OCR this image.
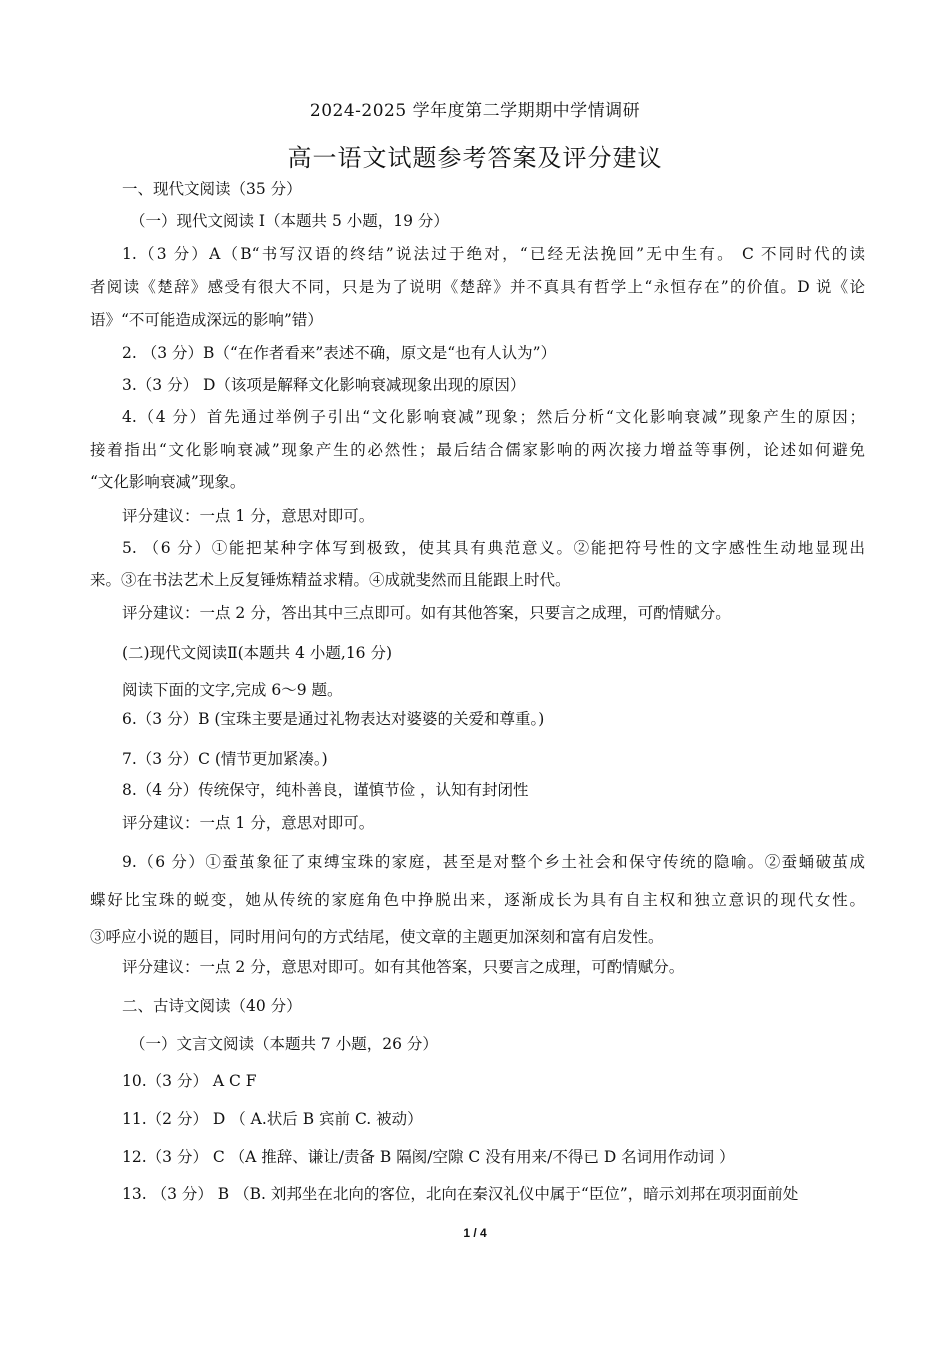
2024-2025 学年度第二学期期中学情调研
高一语文试题参考答案及评分建议
一、现代文阅读（35 分）
（一）现代文阅读 I（本题共 5 小题，19 分）
1.（3 分）A（B“书写汉语的终结”说法过于绝对，“已经无法挽回”无中生有。 C 不同时代的读
者阅读《楚辞》感受有很大不同，只是为了说明《楚辞》并不真具有哲学上“永恒存在”的价值。D 说《论
语》“不可能造成深远的影响”错）
2. （3 分）B（“在作者看来”表述不确，原文是“也有人认为”）
3.（3 分） D（该项是解释文化影响衰减现象出现的原因）
4.（4 分）首先通过举例子引出“文化影响衰减”现象；然后分析“文化影响衰减”现象产生的原因；
接着指出“文化影响衰减”现象产生的必然性；最后结合儒家影响的两次接力增益等事例，论述如何避免
“文化影响衰减”现象。
评分建议：一点 1 分，意思对即可。
5. （6 分）①能把某种字体写到极致，使其具有典范意义。②能把符号性的文字感性生动地显现出
来。③在书法艺术上反复锤炼精益求精。④成就斐然而且能跟上时代。
评分建议：一点 2 分，答出其中三点即可。如有其他答案，只要言之成理，可酌情赋分。
(二)现代文阅读Ⅱ(本题共 4 小题,16 分)
阅读下面的文字,完成 6～9 题。
6.（3 分）B (宝珠主要是通过礼物表达对婆婆的关爱和尊重。)
7.（3 分）C (情节更加紧凑。)
8.（4 分）传统保守，纯朴善良，谨慎节俭 ，认知有封闭性
评分建议：一点 1 分，意思对即可。
9.（6 分）①蚕茧象征了束缚宝珠的家庭，甚至是对整个乡土社会和保守传统的隐喻。②蚕蛹破茧成
蝶好比宝珠的蜕变，她从传统的家庭角色中挣脱出来，逐渐成长为具有自主权和独立意识的现代女性。
③呼应小说的题目，同时用问句的方式结尾，使文章的主题更加深刻和富有启发性。
评分建议：一点 2 分，意思对即可。如有其他答案，只要言之成理，可酌情赋分。
二、古诗文阅读（40 分）
（一）文言文阅读（本题共 7 小题，26 分）
10.（3 分） A C F
11.（2 分） D （ A.状后 B 宾前 C. 被动）
12.（3 分） C （A 推辞、谦让/责备 B 隔阂/空隙 C 没有用来/不得已 D 名词用作动词 ）
13. （3 分） B （B. 刘邦坐在北向的客位，北向在秦汉礼仪中属于“臣位”，暗示刘邦在项羽面前处
1 / 4
